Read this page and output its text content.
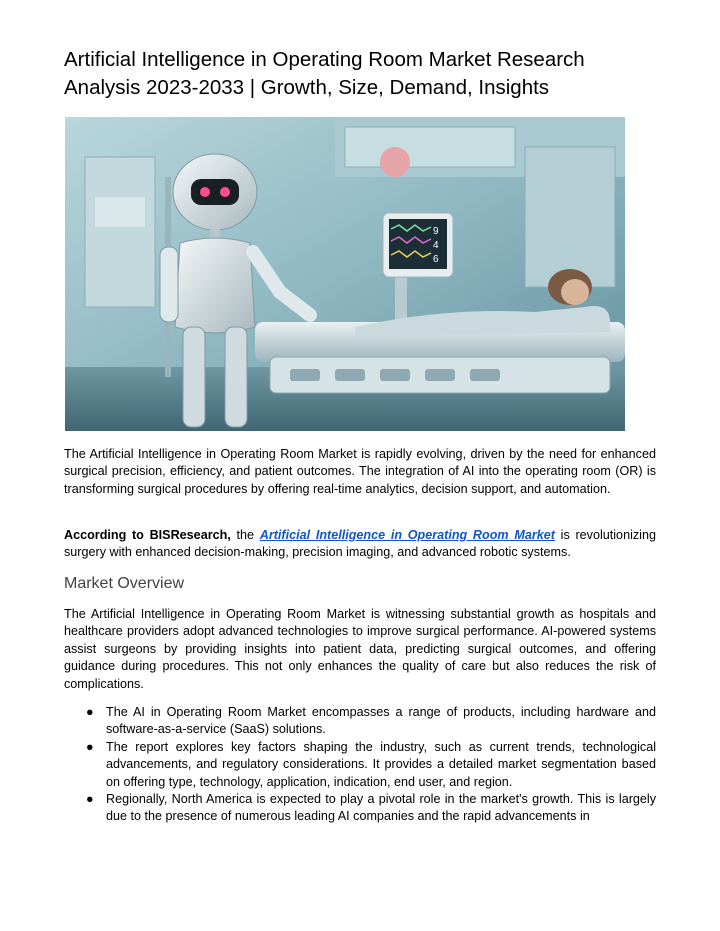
Artificial Intelligence in Operating Room Market Research
Analysis 2023-2033 | Growth, Size, Demand, Insights
9
4
6

The Artificial Intelligence in Operating Room Market is rapidly evolving, driven by the need for enhanced surgical precision, efficiency, and patient outcomes. The integration of AI into the operating room (OR) is transforming surgical procedures by offering real-time analytics, decision support, and automation.

According to BISResearch, the Artificial Intelligence in Operating Room Market is revolutionizing surgery with enhanced decision-making, precision imaging, and advanced robotic systems.

Market Overview

The Artificial Intelligence in Operating Room Market is witnessing substantial growth as hospitals and healthcare providers adopt advanced technologies to improve surgical performance. AI-powered systems assist surgeons by providing insights into patient data, predicting surgical outcomes, and offering guidance during procedures. This not only enhances the quality of care but also reduces the risk of complications.

● The AI in Operating Room Market encompasses a range of products, including hardware and software-as-a-service (SaaS) solutions.
● The report explores key factors shaping the industry, such as current trends, technological advancements, and regulatory considerations. It provides a detailed market segmentation based on offering type, technology, application, indication, end user, and region.
● Regionally, North America is expected to play a pivotal role in the market's growth. This is largely due to the presence of numerous leading AI companies and the rapid advancements in
